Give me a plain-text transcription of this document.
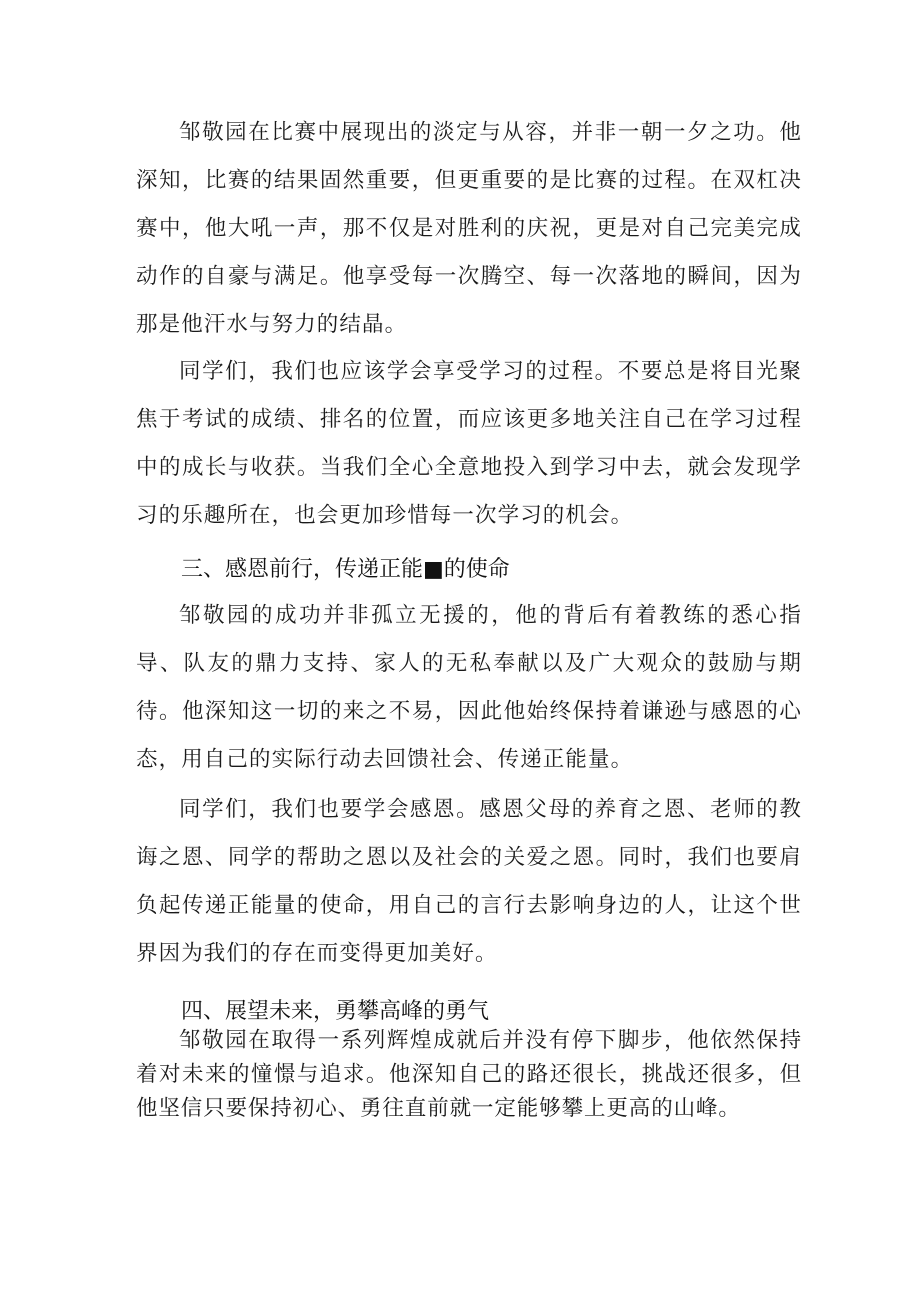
邹敬园在比赛中展现出的淡定与从容，并非一朝一夕之功。他深知，比赛的结果固然重要，但更重要的是比赛的过程。在双杠决赛中，他大吼一声，那不仅是对胜利的庆祝，更是对自己完美完成动作的自豪与满足。他享受每一次腾空、每一次落地的瞬间，因为那是他汗水与努力的结晶。

同学们，我们也应该学会享受学习的过程。不要总是将目光聚焦于考试的成绩、排名的位置，而应该更多地关注自己在学习过程中的成长与收获。当我们全心全意地投入到学习中去，就会发现学习的乐趣所在，也会更加珍惜每一次学习的机会。

三、感恩前行，传递正能■的使命

邹敬园的成功并非孤立无援的，他的背后有着教练的悉心指导、队友的鼎力支持、家人的无私奉献以及广大观众的鼓励与期待。他深知这一切的来之不易，因此他始终保持着谦逊与感恩的心态，用自己的实际行动去回馈社会、传递正能量。

同学们，我们也要学会感恩。感恩父母的养育之恩、老师的教诲之恩、同学的帮助之恩以及社会的关爱之恩。同时，我们也要肩负起传递正能量的使命，用自己的言行去影响身边的人，让这个世界因为我们的存在而变得更加美好。

四、展望未来，勇攀高峰的勇气

邹敬园在取得一系列辉煌成就后并没有停下脚步，他依然保持着对未来的憧憬与追求。他深知自己的路还很长，挑战还很多，但他坚信只要保持初心、勇往直前就一定能够攀上更高的山峰。
